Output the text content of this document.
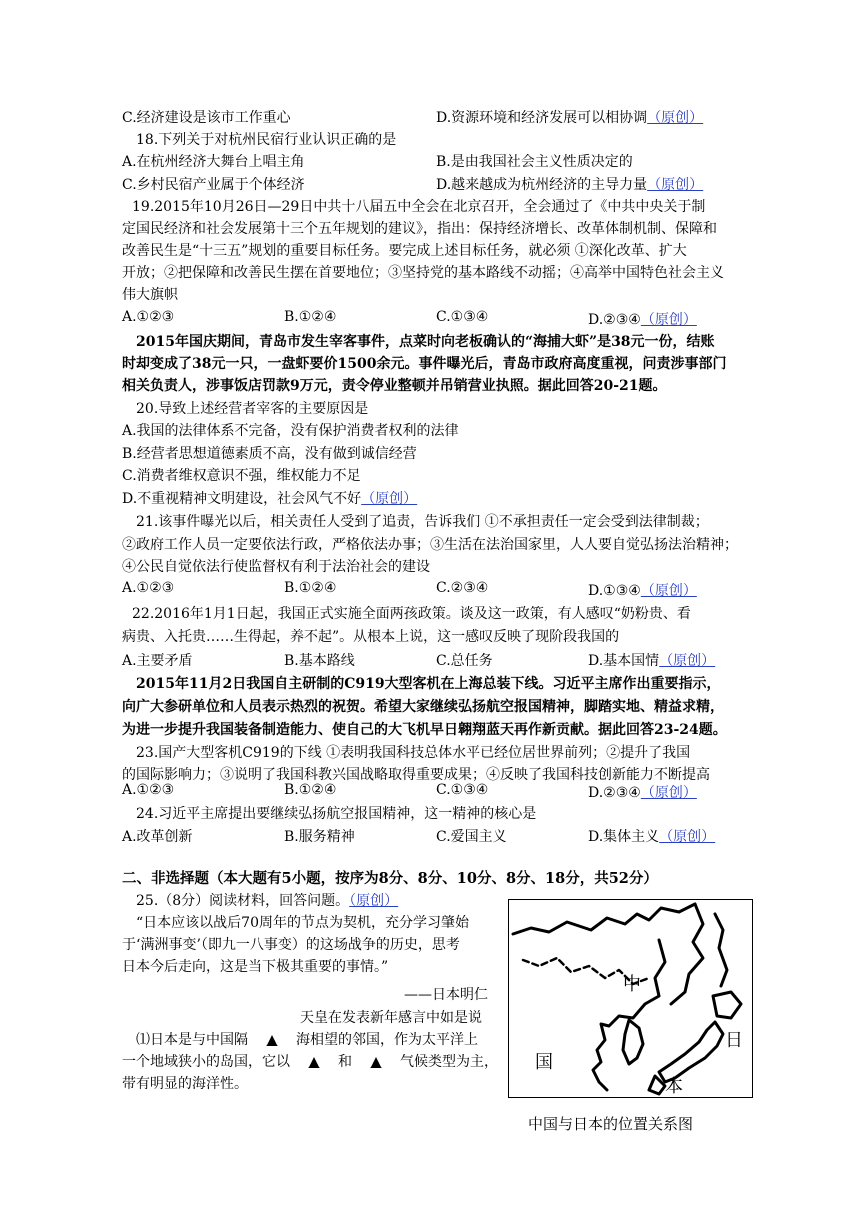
C.经济建设是该市工作重心	D.资源环境和经济发展可以相协调（原创）
18.下列关于对杭州民宿行业认识正确的是
A.在杭州经济大舞台上唱主角	B.是由我国社会主义性质决定的
C.乡村民宿产业属于个体经济	D.越来越成为杭州经济的主导力量（原创）
19.2015年10月26日—29日中共十八届五中全会在北京召开，全会通过了《中共中央关于制
定国民经济和社会发展第十三个五年规划的建议》，指出：保持经济增长、改革体制机制、保障和
改善民生是“十三五”规划的重要目标任务。要完成上述目标任务，就必须 ①深化改革、扩大
开放；②把保障和改善民生摆在首要地位；③坚持党的基本路线不动摇；④高举中国特色社会主义
伟大旗帜
A.①②③	B.①②④	C.①③④	D.②③④（原创）
2015年国庆期间，青岛市发生宰客事件，点菜时向老板确认的“海捕大虾”是38元一份，结账
时却变成了38元一只，一盘虾要价1500余元。事件曝光后，青岛市政府高度重视，问责涉事部门
相关负责人，涉事饭店罚款9万元，责令停业整顿并吊销营业执照。据此回答20-21题。
20.导致上述经营者宰客的主要原因是
A.我国的法律体系不完备，没有保护消费者权利的法律
B.经营者思想道德素质不高，没有做到诚信经营
C.消费者维权意识不强，维权能力不足
D.不重视精神文明建设，社会风气不好（原创）
21.该事件曝光以后，相关责任人受到了追责，告诉我们 ①不承担责任一定会受到法律制裁；
②政府工作人员一定要依法行政，严格依法办事；③生活在法治国家里，人人要自觉弘扬法治精神；
④公民自觉依法行使监督权有利于法治社会的建设
A.①②③	B.①②④	C.②③④	D.①③④（原创）
22.2016年1月1日起，我国正式实施全面两孩政策。谈及这一政策，有人感叹“奶粉贵、看
病贵、入托贵……生得起，养不起”。从根本上说，这一感叹反映了现阶段我国的
A.主要矛盾	B.基本路线	C.总任务	D.基本国情（原创）
2015年11月2日我国自主研制的C919大型客机在上海总装下线。习近平主席作出重要指示，
向广大参研单位和人员表示热烈的祝贺。希望大家继续弘扬航空报国精神，脚踏实地、精益求精，
为进一步提升我国装备制造能力、使自己的大飞机早日翱翔蓝天再作新贡献。据此回答23-24题。
23.国产大型客机C919的下线 ①表明我国科技总体水平已经位居世界前列；②提升了我国
的国际影响力；③说明了我国科教兴国战略取得重要成果；④反映了我国科技创新能力不断提高
A.①②③	B.①②④	C.①③④	D.②③④（原创）
24.习近平主席提出要继续弘扬航空报国精神，这一精神的核心是
A.改革创新	B.服务精神	C.爱国主义	D.集体主义（原创）
二、非选择题（本大题有5小题，按序为8分、8分、10分、8分、18分，共52分）
25.（8分）阅读材料，回答问题。（原创）
“日本应该以战后70周年的节点为契机，充分学习肇始
于‘满洲事变’（即九一八事变）的这场战争的历史，思考
日本今后走向，这是当下极其重要的事情。”
——日本明仁
天皇在发表新年感言中如是说
⑴日本是与中国隔 ▲ 海相望的邻国，作为太平洋上
一个地域狭小的岛国，它以 ▲ 和 ▲ 气候类型为主，
带有明显的海洋性。
中
国
日
本
中国与日本的位置关系图
